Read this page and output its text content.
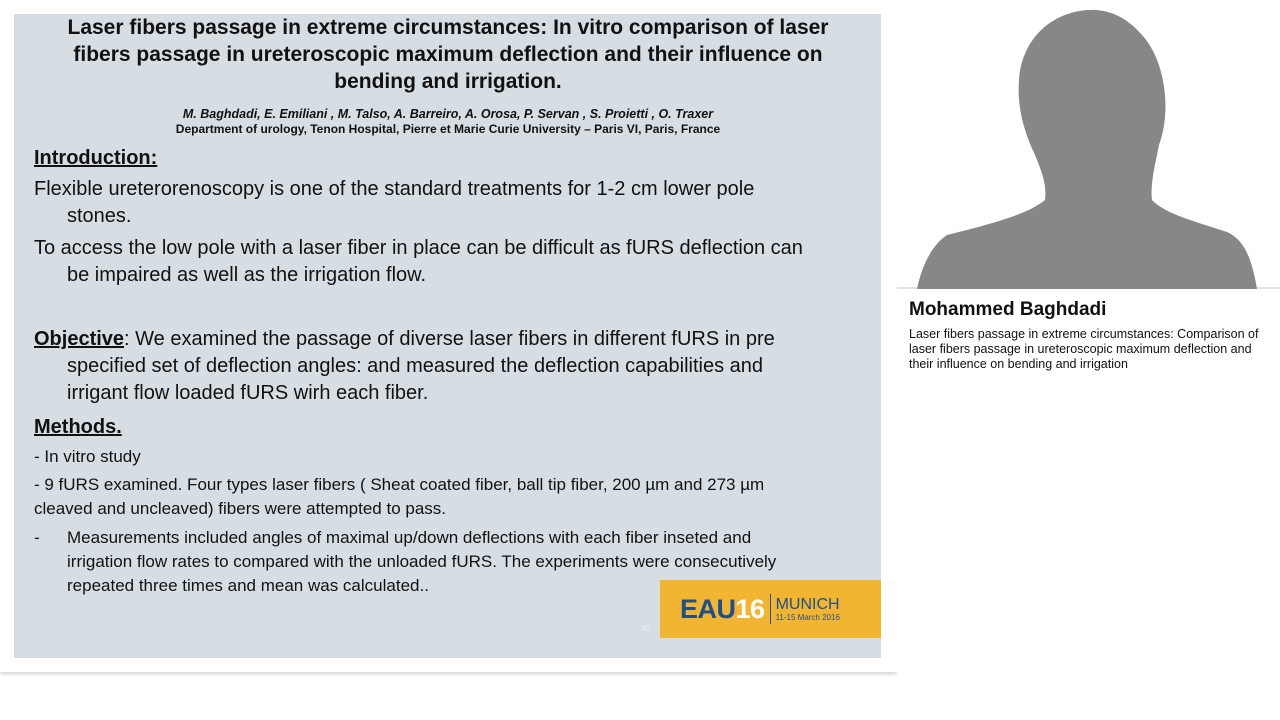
Laser fibers passage in extreme circumstances: In vitro comparison of laser fibers passage in ureteroscopic maximum deflection and their influence on bending and irrigation.
M. Baghdadi, E. Emiliani , M. Talso, A. Barreiro, A. Orosa, P. Servan , S. Proietti , O. Traxer
Department of urology, Tenon Hospital, Pierre et Marie Curie University – Paris VI, Paris, France
Introduction:
Flexible ureterorenoscopy is one of the standard treatments for 1-2 cm lower pole stones.
To access the low pole with a laser fiber in place can be difficult as fURS deflection can be impaired as well as the irrigation flow.
Objective: We examined the passage of diverse laser fibers in different fURS in pre specified set of deflection angles: and measured the deflection capabilities and irrigant flow loaded fURS wirh each fiber.
Methods.
- In vitro study
- 9 fURS examined. Four types laser fibers ( Sheat coated fiber, ball tip fiber, 200 µm and 273 µm cleaved and uncleaved) fibers were attempted to pass.
- Measurements included angles of maximal up/down deflections with each fiber inseted and irrigation flow rates to compared with the unloaded fURS. The experiments were consecutively repeated three times and mean was calculated..
IC
EAU16 MUNICH
11-15 March 2016
Mohammed Baghdadi
Laser fibers passage in extreme circumstances: Comparison of laser fibers passage in ureteroscopic maximum deflection and their influence on bending and irrigation
